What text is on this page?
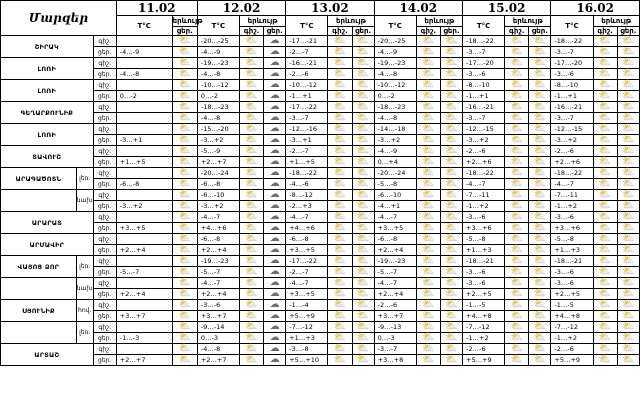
Մարզեր			11.02		12.02			13.02			14.02			15.02			16.02		
			T°C	երևույթ	T°C	երևույթ		T°C	երևույթ		T°C	երևույթ		T°C	երևույթ		T°C	երևույթ	
				ցեր.		գիշ.	ցեր.		գիշ.	ցեր.		գիշ.	ցեր.		գիշ.	ցեր.		գիշ.	ցեր.
ՇԻՐԱԿ		գիշ.		⛅	-20…-25	⛅	☁	-17…-21	⛅	⛅	-20…-25	⛅	⛅	-18…-22	⛅	⛅	-18…-22	⛅	⛅
		ցեր.	-4…-9	⛅	-4…-9	⛅	☁	-2…-7	⛅	⛅	-4…-9	⛅	⛅	-3…-7	⛅	⛅	-3…-7	⛅	⛅
ԼՈՌԻ		գիշ.		⛅	-19…-23	⛅	☁	-16…-21	⛅	⛅	-19…-23	⛅	⛅	-17…-20	⛅	⛅	-17…-20	⛅	⛅
		ցեր.	-4…-8	⛅	-4…-8	⛅	☁	-2…-6	⛅	⛅	-4…-8	⛅	⛅	-3…-6	⛅	⛅	-3…-6	⛅	⛅
ԼՈՌԻ		գիշ.		⛅	-10…-12	⛅	☁	-10…-12	⛅	⛅	-10…-12	⛅	⛅	-8…-10	⛅	⛅	-8…-10	⛅	⛅
		ցեր.	0…-2	⛅	0…-2	⛅	☁	-1…+1	⛅	⛅	0…-2	⛅	⛅	-1…+1	⛅	⛅	-1…+1	⛅	⛅
ԳԵՂԱՐՔՈՒՆԻՔ		գիշ.		⛅	-18…-23	⛅	☁	-17…-22	⛅	⛅	-18…-23	⛅	⛅	-16…-21	⛅	⛅	-16…-21	⛅	⛅
		ցեր.		⛅	-4…-8	⛅	☁	-3…-7	⛅	⛅	-4…-8	⛅	⛅	-3…-7	⛅	⛅	-3…-7	⛅	⛅
ԼՈՌԻ		գիշ.		⛅	-15…-20	⛅	☁	-12…-16	⛅	⛅	-14…-18	⛅	⛅	-12…-15	⛅	⛅	-12…-15	⛅	⛅
		ցեր.	-3…+1	⛅	-3…+2	⛅	☁	-3…+1	⛅	⛅	-3…+2	⛅	⛅	-3…+2	⛅	⛅	-3…+2	⛅	⛅
ՏԱՎՈՒՇ		գիշ.		⛅	-5…-9	⛅	☁	-2…-7	⛅	⛅	-4…-9	⛅	⛅	-2…-6	⛅	⛅	-2…-6	⛅	⛅
		ցեր.	+1…+5	⛅	+2…+7	⛅	☁	+1…+5	⛅	⛅	0…+4	⛅	⛅	+2…+6	⛅	⛅	+2…+6	⛅	⛅
ԱՐԱԳԱԾՈՏՆ	լեռ.	գիշ.		⛅	-20…-24	⛅	☁	-18…-22	⛅	⛅	-20…-24	⛅	⛅	-18…-22	⛅	⛅	-18…-22	⛅	⛅
		ցեր.	-6…-8	⛅	-6…-8	⛅	☁	-4…-6	⛅	⛅	-5…-8	⛅	⛅	-4…-7	⛅	⛅	-4…-7	⛅	⛅
	նախ.	գիշ.		⛅	-6…-10	⛅	☁	-8…-12	⛅	⛅	-6…-10	⛅	⛅	-7…-11	⛅	⛅	-7…-11	⛅	⛅
		ցեր.	-3…+2	⛅	-3…+2	⛅	☁	-2…+3	⛅	⛅	-4…+1	⛅	⛅	-1…+2	⛅	⛅	-1…+2	⛅	⛅
ԱՐԱՐԱՏ		գիշ.		⛅	-4…-7	⛅	☁	-4…-7	⛅	⛅	-4…-7	⛅	⛅	-3…-6	⛅	⛅	-3…-6	⛅	⛅
		ցեր.	+3…+5	⛅	+4…+6	⛅	☁	+4…+6	⛅	⛅	+3…+5	⛅	⛅	+3…+6	⛅	⛅	+3…+6	⛅	⛅
ԱՐՄԱՎԻՐ		գիշ.		⛅	-6…-8	⛅	☁	-6…-8	⛅	⛅	-6…-8	⛅	⛅	-5…-8	⛅	⛅	-5…-8	⛅	⛅
		ցեր.	+2…+4	⛅	+2…+4	⛅	☁	+3…+5	⛅	⛅	+2…+4	⛅	⛅	+1…+3	⛅	⛅	+1…+3	⛅	⛅
ՎԱՅՈՑ ՁՈՐ	լեռ.	գիշ.		⛅	-19…-23	⛅	☁	-17…-22	⛅	⛅	-19…-23	⛅	⛅	-18…-21	⛅	⛅	-18…-21	⛅	⛅
		ցեր.	-5…-7	⛅	-5…-7	⛅	☁	-2…-7	⛅	⛅	-5…-7	⛅	⛅	-3…-6	⛅	⛅	-3…-6	⛅	⛅
	նախ.	գիշ.		⛅	-4…-7	⛅	☁	-4…-7	⛅	⛅	-4…-7	⛅	⛅	-3…-6	⛅	⛅	-3…-6	⛅	⛅
		ցեր.	+2…+4	⛅	+2…+4	⛅	☁	+3…+5	⛅	⛅	+2…+4	⛅	⛅	+2…+5	⛅	⛅	+2…+5	⛅	⛅
ՍՅՈՒՆԻՔ	հով.	գիշ.		⛅	-3…-6	⛅	☁	-1…-4	⛅	⛅	-2…-6	⛅	⛅	-1…-5	⛅	⛅	-1…-5	⛅	⛅
		ցեր.	+3…+7	⛅	+3…+7	⛅	☁	+5…+9	⛅	⛅	+3…+7	⛅	⛅	+4…+8	⛅	⛅	+4…+8	⛅	⛅
	լեռ.	գիշ.		⛅	-9…-14	⛅	☁	-7…-12	⛅	⛅	-9…-13	⛅	⛅	-7…-12	⛅	⛅	-7…-12	⛅	⛅
		ցեր.	-1…-3	⛅	0…-3	⛅	☁	+1…+3	⛅	⛅	0…-3	⛅	⛅	-1…+2	⛅	⛅	-1…+2	⛅	⛅
ԱՐՏԱՇ		գիշ.		⛅	-4…-8	⛅	☁	-3…-8	⛅	⛅	-3…-7	⛅	⛅	-2…-6	⛅	⛅	-2…-6	⛅	⛅
		ցեր.	+2…+7	⛅	+2…+7	⛅	☁	+5…+10	⛅	⛅	+3…+8	⛅	⛅	+5…+9	⛅	⛅	+5…+9	⛅	⛅
